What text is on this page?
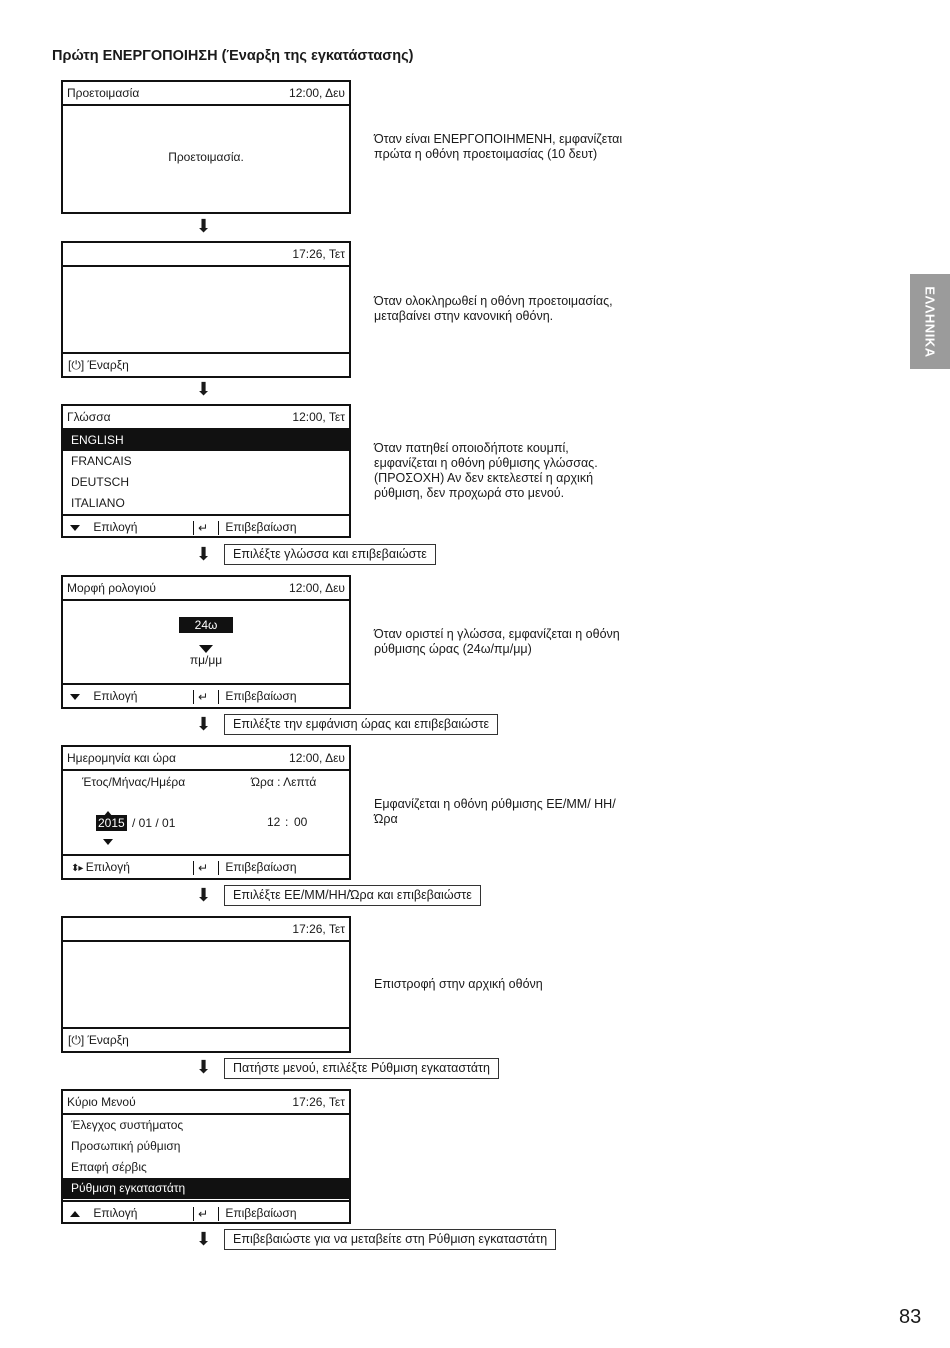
Πρώτη ΕΝΕΡΓΟΠΟΙΗΣΗ (Έναρξη της εγκατάστασης)
Προετοιμασία	12:00, Δευ
Προετοιμασία.
Όταν είναι ΕΝΕΡΓΟΠΟΙΗΜΕΝΗ, εμφανίζεται πρώτα η οθόνη προετοιμασίας (10 δευτ)
⬇
17:26, Τετ
[⏻] Έναρξη
Όταν ολοκληρωθεί η οθόνη προετοιμασίας, μεταβαίνει στην κανονική οθόνη.
⬇
Γλώσσα	12:00, Τετ
ENGLISH
FRANCAIS
DEUTSCH
ITALIANO
Επιλογή	↵ Επιβεβαίωση
Όταν πατηθεί οποιοδήποτε κουμπί, εμφανίζεται η οθόνη ρύθμισης γλώσσας. (ΠΡΟΣΟΧΗ) Αν δεν εκτελεστεί η αρχική ρύθμιση, δεν προχωρά στο μενού.
⬇	Επιλέξτε γλώσσα και επιβεβαιώστε
Μορφή ρολογιού	12:00, Δευ
24ω
πμ/μμ
Επιλογή	↵ Επιβεβαίωση
Όταν οριστεί η γλώσσα, εμφανίζεται η οθόνη ρύθμισης ώρας (24ω/πμ/μμ)
⬇	Επιλέξτε την εμφάνιση ώρας και επιβεβαιώστε
Ημερομηνία και ώρα	12:00, Δευ
Έτος/Μήνας/Ημέρα	Ώρα : Λεπτά
2015 / 01 / 01	12 : 00
⬍▸ Επιλογή	↵ Επιβεβαίωση
Εμφανίζεται η οθόνη ρύθμισης ΕΕ/ΜΜ/ ΗΗ/Ώρα
⬇	Επιλέξτε ΕΕ/ΜΜ/ΗΗ/Ώρα και επιβεβαιώστε
17:26, Τετ
[⏻] Έναρξη
Επιστροφή στην αρχική οθόνη
⬇	Πατήστε μενού, επιλέξτε Ρύθμιση εγκαταστάτη
Κύριο Μενού	17:26, Τετ
Έλεγχος συστήματος
Προσωπική ρύθμιση
Επαφή σέρβις
Ρύθμιση εγκαταστάτη
Επιλογή	↵ Επιβεβαίωση
⬇	Επιβεβαιώστε για να μεταβείτε στη Ρύθμιση εγκαταστάτη
ΕΛΛΗΝΙΚΑ
83
